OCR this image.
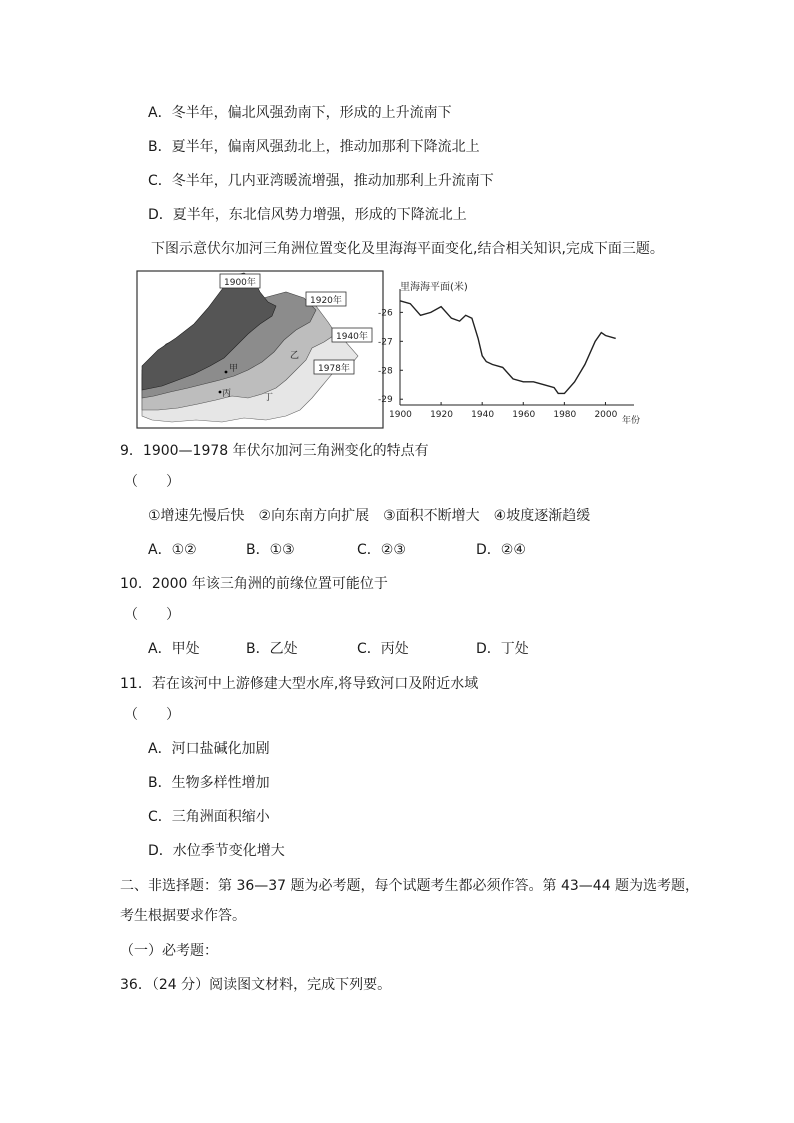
A．冬半年，偏北风强劲南下，形成的上升流南下
B．夏半年，偏南风强劲北上，推动加那利下降流北上
C．冬半年，几内亚湾暖流增强，推动加那利上升流南下
D．夏半年，东北信风势力增强，形成的下降流北上
下图示意伏尔加河三角洲位置变化及里海海平面变化,结合相关知识,完成下面三题。
1900年
1920年
1940年
1978年
甲
乙
丙	丁
里海海平面(米)
年份
1900 1920 1940 1960 1980 2000
-26
-27
-28
-29
9．1900—1978 年伏尔加河三角洲变化的特点有
（　　）
①增速先慢后快　②向东南方向扩展　③面积不断增大　④坡度逐渐趋缓
A．①②	B．①③	C．②③	D．②④
10．2000 年该三角洲的前缘位置可能位于
（　　）
A．甲处	B．乙处	C．丙处	D．丁处
11．若在该河中上游修建大型水库,将导致河口及附近水域
（　　）
A．河口盐碱化加剧
B．生物多样性增加
C．三角洲面积缩小
D．水位季节变化增大
二、非选择题：第 36—37 题为必考题，每个试题考生都必须作答。第 43—44 题为选考题，
考生根据要求作答。
（一）必考题：
36．（24 分）阅读图文材料，完成下列要。
